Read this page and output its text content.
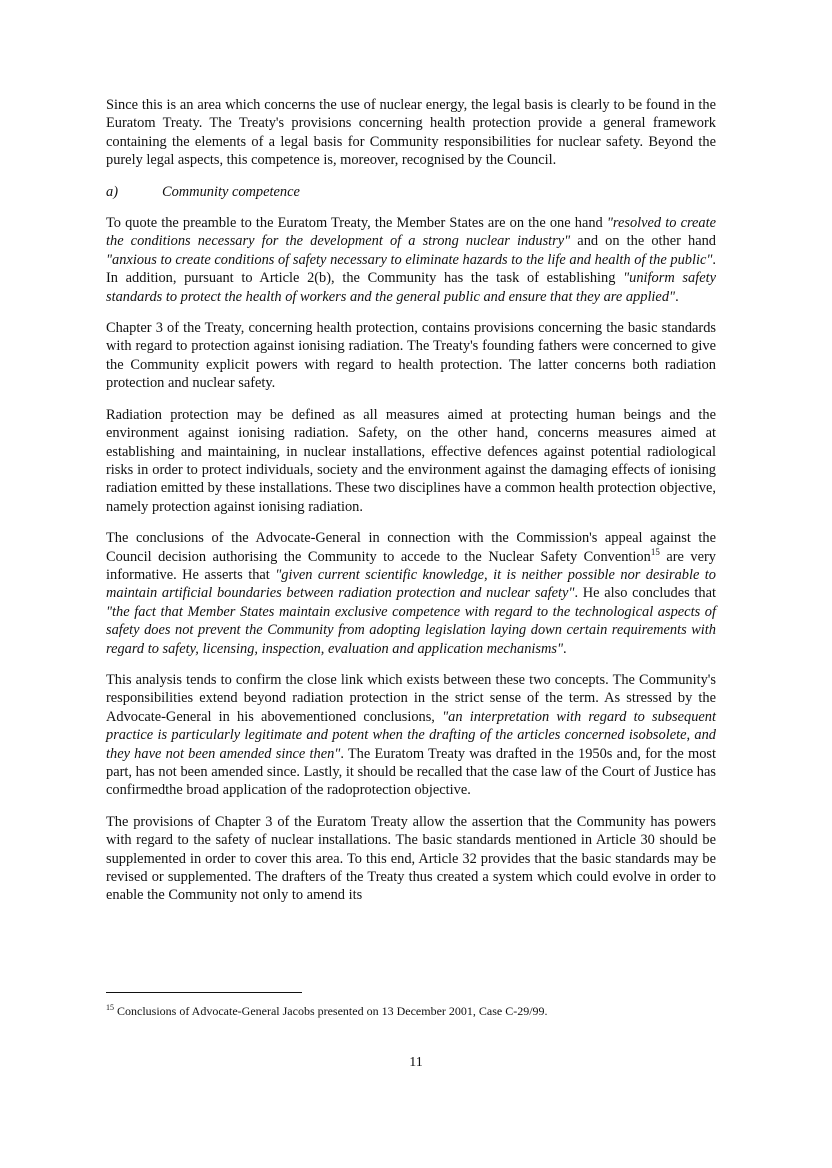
Since this is an area which concerns the use of nuclear energy, the legal basis is clearly to be found in the Euratom Treaty. The Treaty's provisions concerning health protection provide a general framework containing the elements of a legal basis for Community responsibilities for nuclear safety. Beyond the purely legal aspects, this competence is, moreover, recognised by the Council.

a)	Community competence

To quote the preamble to the Euratom Treaty, the Member States are on the one hand "resolved to create the conditions necessary for the development of a strong nuclear industry" and on the other hand "anxious to create conditions of safety necessary to eliminate hazards to the life and health of the public". In addition, pursuant to Article 2(b), the Community has the task of establishing "uniform safety standards to protect the health of workers and the general public and ensure that they are applied".

Chapter 3 of the Treaty, concerning health protection, contains provisions concerning the basic standards with regard to protection against ionising radiation. The Treaty's founding fathers were concerned to give the Community explicit powers with regard to health protection. The latter concerns both radiation protection and nuclear safety.

Radiation protection may be defined as all measures aimed at protecting human beings and the environment against ionising radiation. Safety, on the other hand, concerns measures aimed at establishing and maintaining, in nuclear installations, effective defences against potential radiological risks in order to protect individuals, society and the environment against the damaging effects of ionising radiation emitted by these installations. These two disciplines have a common health protection objective, namely protection against ionising radiation.

The conclusions of the Advocate-General in connection with the Commission's appeal against the Council decision authorising the Community to accede to the Nuclear Safety Convention$^{15}$ are very informative. He asserts that "given current scientific knowledge, it is neither possible nor desirable to maintain artificial boundaries between radiation protection and nuclear safety". He also concludes that "the fact that Member States maintain exclusive competence with regard to the technological aspects of safety does not prevent the Community from adopting legislation laying down certain requirements with regard to safety, licensing, inspection, evaluation and application mechanisms".

This analysis tends to confirm the close link which exists between these two concepts. The Community's responsibilities extend beyond radiation protection in the strict sense of the term. As stressed by the Advocate-General in his abovementioned conclusions, "an interpretation with regard to subsequent practice is particularly legitimate and potent when the drafting of the articles concerned isobsolete, and they have not been amended since then". The Euratom Treaty was drafted in the 1950s and, for the most part, has not been amended since. Lastly, it should be recalled that the case law of the Court of Justice has confirmedthe broad application of the radoprotection objective.

The provisions of Chapter 3 of the Euratom Treaty allow the assertion that the Community has powers with regard to the safety of nuclear installations. The basic standards mentioned in Article 30 should be supplemented in order to cover this area. To this end, Article 32 provides that the basic standards may be revised or supplemented. The drafters of the Treaty thus created a system which could evolve in order to enable the Community not only to amend its

$^{15}$ Conclusions of Advocate-General Jacobs presented on 13 December 2001, Case C-29/99.
11
